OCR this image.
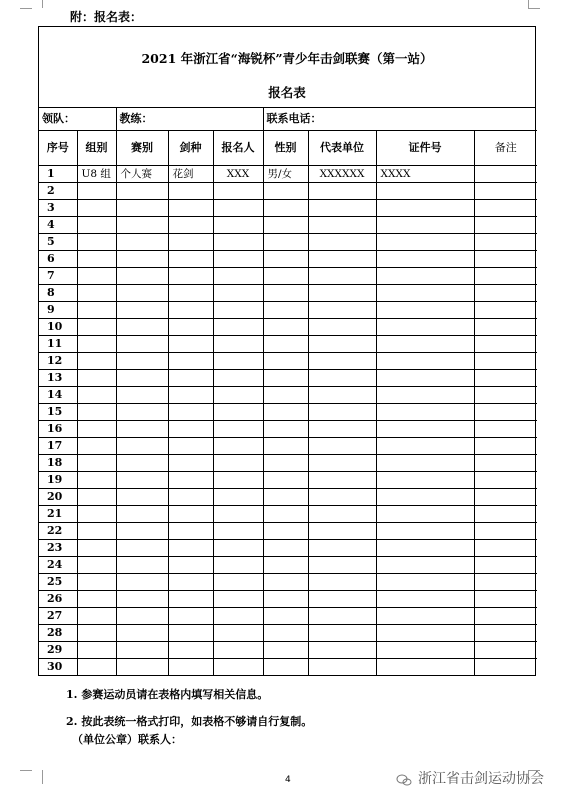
附：报名表：
2021 年浙江省“海锐杯”青少年击剑联赛（第一站）
报名表
领队：		教练：			联系电话：			
序号	组别	赛别	剑种	报名人	性别	代表单位	证件号	备注
1	U8 组	个人赛	花剑	XXX	男/女	XXXXXX	XXXX	
2								
3								
4								
5								
6								
7								
8								
9								
10								
11								
12								
13								
14								
15								
16								
17								
18								
19								
20								
21								
22								
23								
24								
25								
26								
27								
28								
29								
30								
1. 参赛运动员请在表格内填写相关信息。
2. 按此表统一格式打印，如表格不够请自行复制。
（单位公章）联系人：
4	浙江省击剑运动协会
